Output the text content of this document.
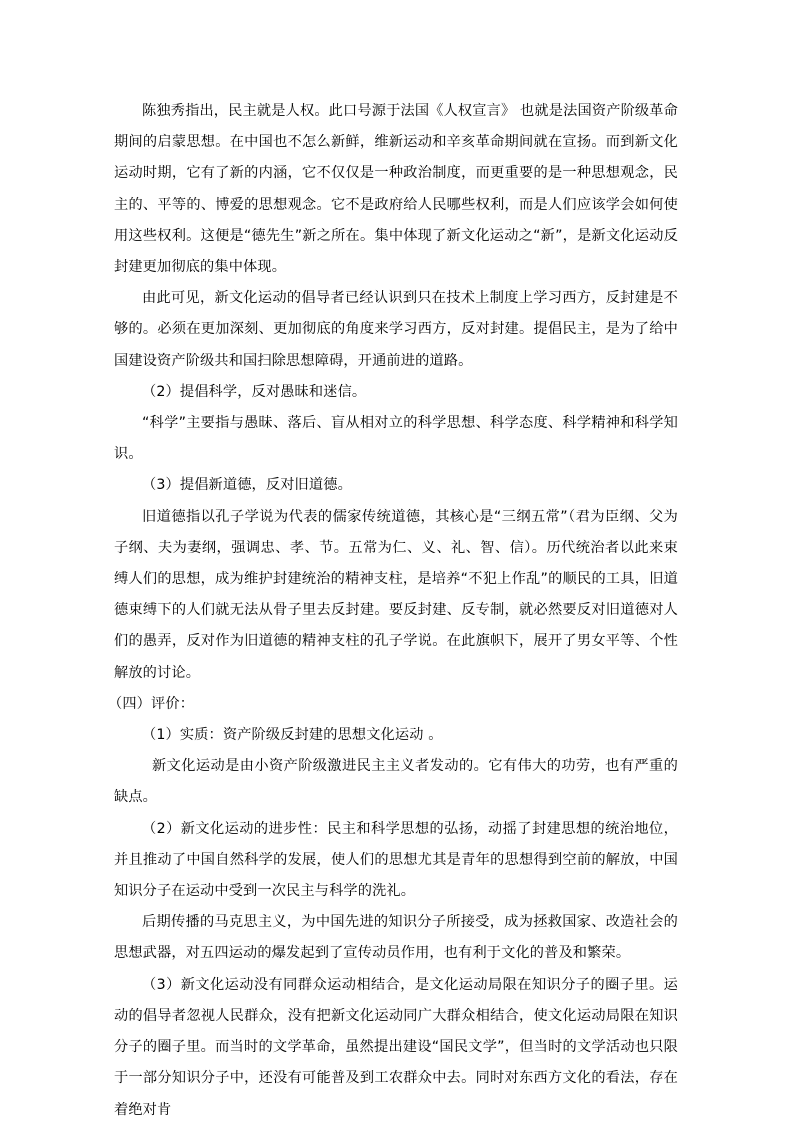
陈独秀指出，民主就是人权。此口号源于法国《人权宣言》 也就是法国资产阶级革命期间的启蒙思想。在中国也不怎么新鲜，维新运动和辛亥革命期间就在宣扬。而到新文化运动时期，它有了新的内涵，它不仅仅是一种政治制度，而更重要的是一种思想观念，民主的、平等的、博爱的思想观念。它不是政府给人民哪些权利，而是人们应该学会如何使用这些权利。这便是“德先生”新之所在。集中体现了新文化运动之“新”，是新文化运动反封建更加彻底的集中体现。

由此可见，新文化运动的倡导者已经认识到只在技术上制度上学习西方，反封建是不够的。必须在更加深刻、更加彻底的角度来学习西方，反对封建。提倡民主，是为了给中国建设资产阶级共和国扫除思想障碍，开通前进的道路。

（2）提倡科学，反对愚昧和迷信。

“科学”主要指与愚昧、落后、盲从相对立的科学思想、科学态度、科学精神和科学知识。

（3）提倡新道德，反对旧道德。

旧道德指以孔子学说为代表的儒家传统道德，其核心是“三纲五常”（君为臣纲、父为子纲、夫为妻纲，强调忠、孝、节。五常为仁、义、礼、智、信）。历代统治者以此来束缚人们的思想，成为维护封建统治的精神支柱，是培养“不犯上作乱”的顺民的工具，旧道德束缚下的人们就无法从骨子里去反封建。要反封建、反专制，就必然要反对旧道德对人们的愚弄，反对作为旧道德的精神支柱的孔子学说。在此旗帜下，展开了男女平等、个性解放的讨论。

（四）评价：

（1）实质：资产阶级反封建的思想文化运动 。

新文化运动是由小资产阶级激进民主主义者发动的。它有伟大的功劳，也有严重的缺点。

（2）新文化运动的进步性：民主和科学思想的弘扬，动摇了封建思想的统治地位，并且推动了中国自然科学的发展，使人们的思想尤其是青年的思想得到空前的解放，中国知识分子在运动中受到一次民主与科学的洗礼。

后期传播的马克思主义，为中国先进的知识分子所接受，成为拯救国家、改造社会的思想武器，对五四运动的爆发起到了宣传动员作用，也有利于文化的普及和繁荣。

（3）新文化运动没有同群众运动相结合，是文化运动局限在知识分子的圈子里。运动的倡导者忽视人民群众，没有把新文化运动同广大群众相结合，使文化运动局限在知识分子的圈子里。而当时的文学革命，虽然提出建设“国民文学”，但当时的文学活动也只限于一部分知识分子中，还没有可能普及到工农群众中去。同时对东西方文化的看法，存在着绝对肯
